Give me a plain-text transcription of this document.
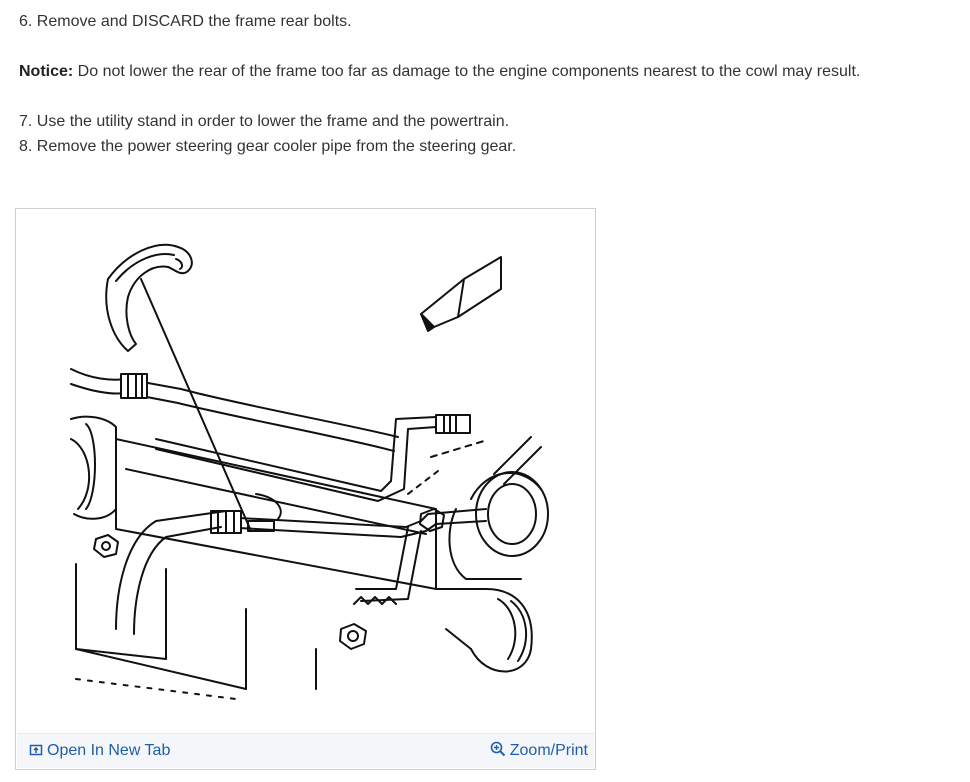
6. Remove and DISCARD the frame rear bolts.
Notice: Do not lower the rear of the frame too far as damage to the engine components nearest to the cowl may result.
7. Use the utility stand in order to lower the frame and the powertrain.
8. Remove the power steering gear cooler pipe from the steering gear.
Open In New Tab	Zoom/Print
